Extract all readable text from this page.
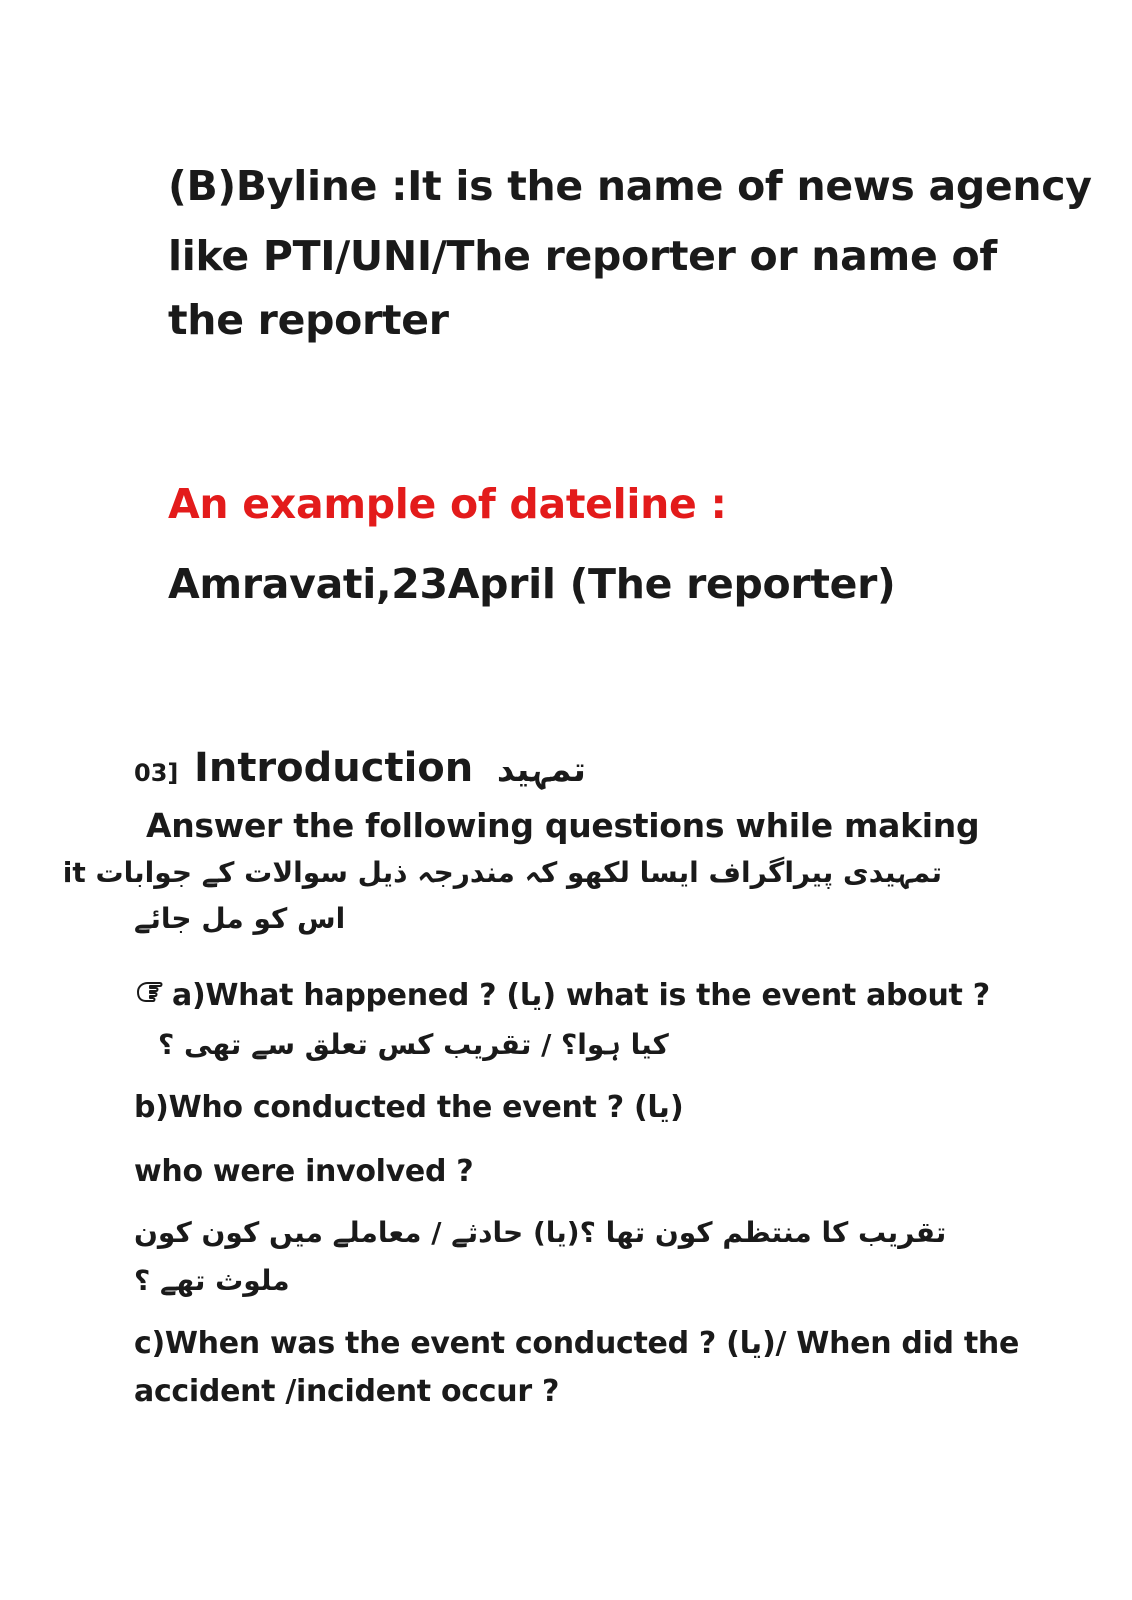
(B)Byline :It is the name of news agency
like PTI/UNI/The reporter or name of
the reporter
An example of dateline :
Amravati,23April (The reporter)
03] Introduction تمہید
Answer the following questions while making
تمہیدی پیراگراف ایسا لکھو کہ مندرجہ ذیل سوالات کے جوابات it
اس کو مل جائے
a)What happened ? (یا) what is the event about ?
کیا ہوا؟ / تقریب کس تعلق سے تھی ؟
b)Who conducted the event ? (یا)
who were involved ?
تقریب کا منتظم کون تھا ؟(یا) حادثے / معاملے میں کون کون
ملوث تھے ؟
c)When was the event conducted ? (یا)/ When did the
accident /incident occur ?
